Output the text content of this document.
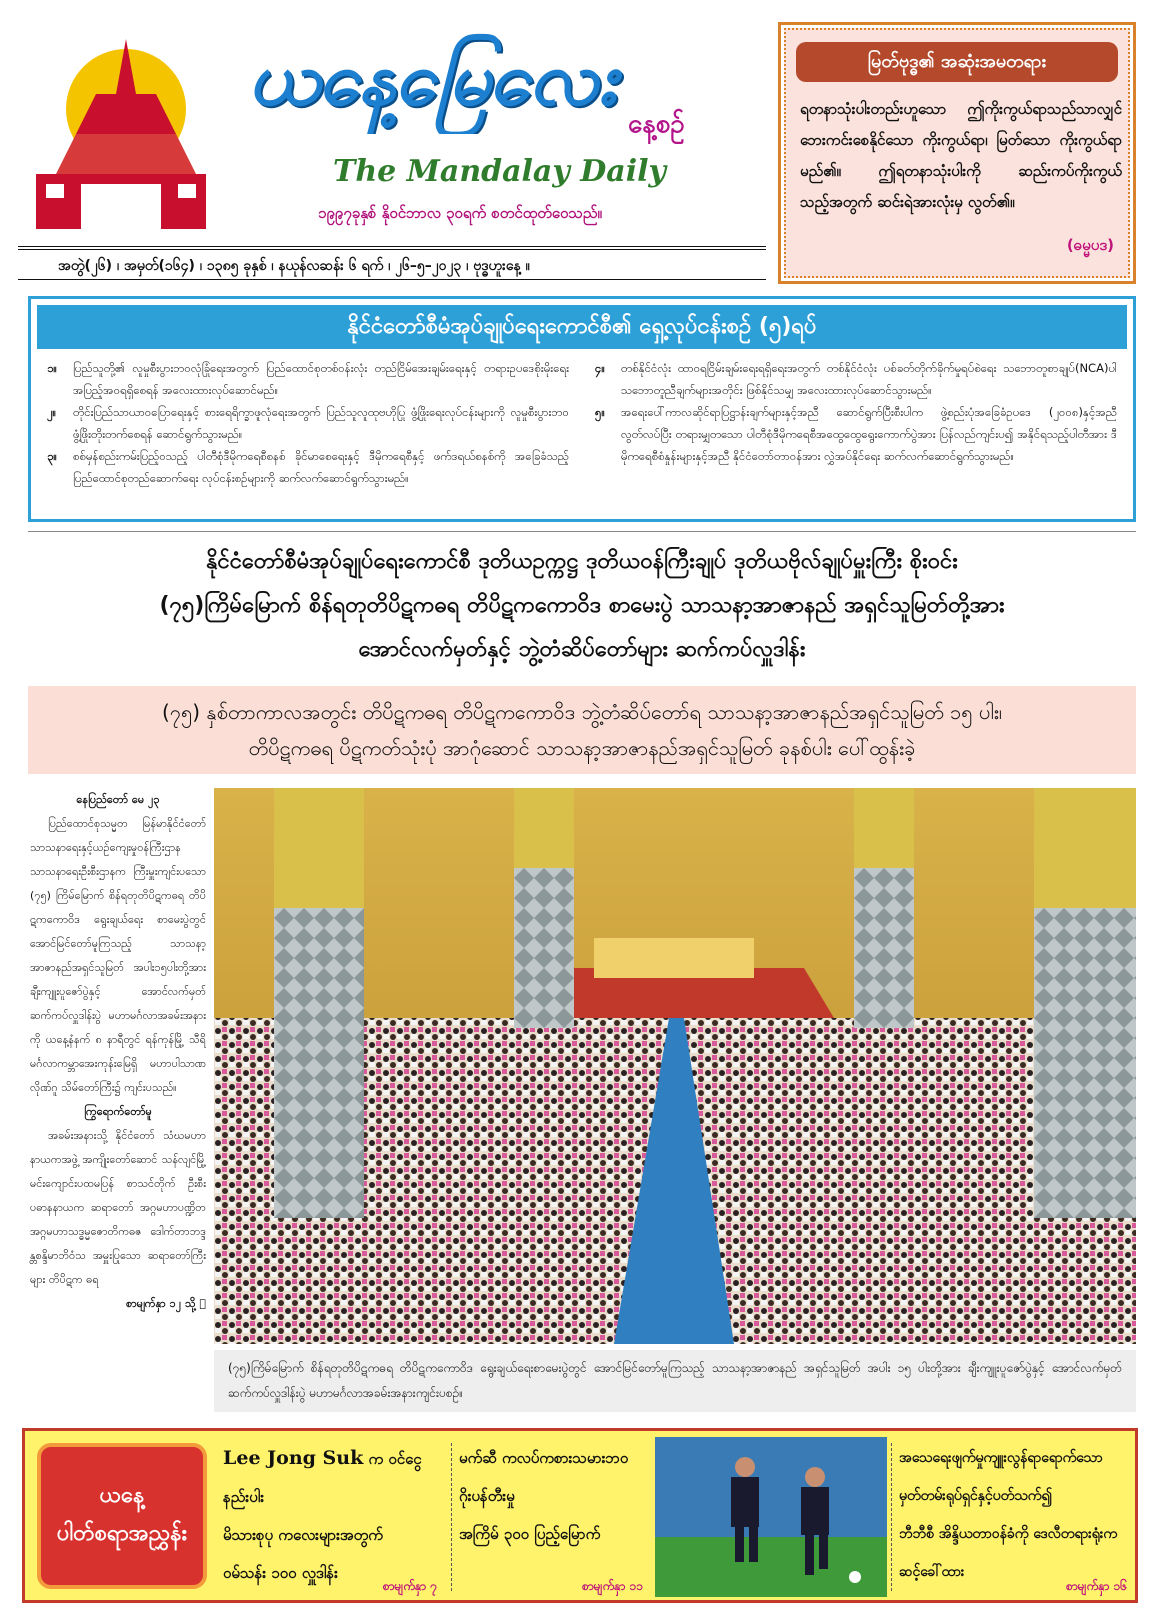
ယနေ့မြေလေး
နေ့စဉ်
The Mandalay Daily
၁၉၉၇ခုနှစ် နိုဝင်ဘာလ ၃၀ရက် စတင်ထုတ်ဝေသည်။
အတွဲ(၂၆) ၊ အမှတ်(၁၆၄) ၊ ၁၃၈၅ ခုနှစ် ၊ နယုန်လဆန်း ၆ ရက် ၊ ၂၆–၅–၂၀၂၃ ၊ ဗုဒ္ဓဟူးနေ့ ။
မြတ်ဗုဒ္ဓ၏ အဆုံးအမတရား
ရတနာသုံးပါးတည်းဟူသော ဤကိုးကွယ်ရာသည်သာလျှင် ဘေးကင်းစေနိုင်သော ကိုးကွယ်ရာ၊ မြတ်သော ကိုးကွယ်ရာမည်၏။ ဤရတနာသုံးပါးကို ဆည်းကပ်ကိုးကွယ်သည့်အတွက် ဆင်းရဲအားလုံးမှ လွတ်၏။
(ဓမ္မပဒ)
နိုင်ငံတော်စီမံအုပ်ချုပ်ရေးကောင်စီ၏ ရှေ့လုပ်ငန်းစဉ် (၅)ရပ်
၁။	ပြည်သူတို့၏ လူမှုစီးပွားဘဝလုံခြုံရေးအတွက် ပြည်ထောင်စုတစ်ဝန်းလုံး တည်ငြိမ်အေးချမ်းရေးနှင့် တရားဥပဒေစိုးမိုးရေး အပြည့်အဝရရှိစေရန် အလေးထားလုပ်ဆောင်မည်။
၂။	တိုင်းပြည်သာယာဝပြောရေးနှင့် စားရေရိက္ခာဖူလုံရေးအတွက် ပြည်သူလူထုဗဟိုပြု ဖွံ့ဖြိုးရေးလုပ်ငန်းများကို လူမှုစီးပွားဘဝဖွံ့ဖြိုးတိုးတက်စေရန် ဆောင်ရွက်သွားမည်။
၃။	စစ်မှန်စည်းကမ်းပြည့်ဝသည့် ပါတီစုံဒီမိုကရေစီစနစ် ခိုင်မာစေရေးနှင့် ဒီမိုကရေစီနှင့် ဖက်ဒရယ်စနစ်ကို အခြေခံသည့် ပြည်ထောင်စုတည်ဆောက်ရေး လုပ်ငန်းစဉ်များကို ဆက်လက်ဆောင်ရွက်သွားမည်။
၄။	တစ်နိုင်ငံလုံး ထာဝရငြိမ်းချမ်းရေးရရှိရေးအတွက် တစ်နိုင်ငံလုံး ပစ်ခတ်တိုက်ခိုက်မှုရပ်စဲရေး သဘောတူစာချုပ်(NCA)ပါ သဘောတူညီချက်များအတိုင်း ဖြစ်နိုင်သမျှ အလေးထားလုပ်ဆောင်သွားမည်။
၅။	အရေးပေါ်ကာလဆိုင်ရာပြဋ္ဌာန်းချက်များနှင့်အညီ ဆောင်ရွက်ပြီးစီးပါက ဖွဲ့စည်းပုံအခြေခံဥပဒေ (၂၀၀၈)နှင့်အညီ လွတ်လပ်ပြီး တရားမျှတသော ပါတီစုံဒီမိုကရေစီအထွေထွေရွေးကောက်ပွဲအား ပြန်လည်ကျင်းပ၍ အနိုင်ရသည့်ပါတီအား ဒီမိုကရေစီစံနှုန်းများနှင့်အညီ နိုင်ငံတော်တာဝန်အား လွှဲအပ်နိုင်ရေး ဆက်လက်ဆောင်ရွက်သွားမည်။
နိုင်ငံတော်စီမံအုပ်ချုပ်ရေးကောင်စီ ဒုတိယဥက္ကဋ္ဌ ဒုတိယဝန်ကြီးချုပ် ဒုတိယဗိုလ်ချုပ်မှူးကြီး စိုးဝင်း
(၇၅)ကြိမ်မြောက် စိန်ရတုတိပိဋကဓရ တိပိဋကကောဝိဒ စာမေးပွဲ သာသနာ့အာဇာနည် အရှင်သူမြတ်တို့အား
အောင်လက်မှတ်နှင့် ဘွဲ့တံဆိပ်တော်များ ဆက်ကပ်လှူဒါန်း
(၇၅) နှစ်တာကာလအတွင်း တိပိဋကဓရ တိပိဋကကောဝိဒ ဘွဲ့တံဆိပ်တော်ရ သာသနာ့အာဇာနည်အရှင်သူမြတ် ၁၅ ပါး၊
တိပိဋကဓရ ပိဋကတ်သုံးပုံ အာဂုံဆောင် သာသနာ့အာဇာနည်အရှင်သူမြတ် ခုနစ်ပါး ပေါ်ထွန်းခဲ့

နေပြည်တော် မေ ၂၃

ပြည်ထောင်စုသမ္မတ မြန်မာနိုင်ငံတော် သာသနာရေးနှင့်ယဉ်ကျေးမှုဝန်ကြီးဌာန သာသနာရေးဦးစီးဌာနက ကြီးမှူးကျင်းပသော (၇၅) ကြိမ်မြောက် စိန်ရတုတိပိဋကဓရ တိပိဋကကောဝိဒ ရွေးချယ်ရေး စာမေးပွဲတွင် အောင်မြင်တော်မူကြသည့် သာသနာ့အာဇာနည်အရှင်သူမြတ် အပါး၁၅ပါးတို့အား ချီးကျူးပူဇော်ပွဲနှင့် အောင်လက်မှတ် ဆက်ကပ်လှူဒါန်းပွဲ မဟာမင်္ဂလာအခမ်းအနားကို ယနေ့နံနက် ၈ နာရီတွင် ရန်ကုန်မြို့ သီရိမင်္ဂလာကမ္ဘာအေးကုန်းမြေရှိ မဟာပါသာဏလိုဏ်ဂူ သိမ်တော်ကြီး၌ ကျင်းပသည်။

ကြွရောက်တော်မူ

အခမ်းအနားသို့ နိုင်ငံတော် သံဃမဟာနာယကအဖွဲ့ အကျိုးတော်ဆောင် သန်လျင်မြို့ မင်းကျောင်းပထမပြန် စာသင်တိုက် ဦးစီးပဓာနနာယက ဆရာတော် အဂ္ဂမဟာပဏ္ဍိတ အဂ္ဂမဟာသဒ္ဓမ္မဇောတိကဓဇ ဒေါက်တာဘဒ္ဒန္တစန္ဒိမာဘိဝံသ အမှူးပြုသော ဆရာတော်ကြီးများ တိပိဋက ဓရ

စာမျက်နှာ ၁၂ သို့ ⃝

(၇၅)ကြိမ်မြောက် စိန်ရတုတိပိဋကဓရ တိပိဋကကောဝိဒ ရွေးချယ်ရေးစာမေးပွဲတွင် အောင်မြင်တော်မူကြသည့် သာသနာ့အာဇာနည် အရှင်သူမြတ် အပါး ၁၅ ပါးတို့အား ချီးကျူးပူဇော်ပွဲနှင့် အောင်လက်မှတ် ဆက်ကပ်လှူဒါန်းပွဲ မဟာမင်္ဂလာအခမ်းအနားကျင်းပစဉ်။
ယနေ့
ပါတ်စရာအညွှန်း
Lee Jong Suk က ဝင်ငွေနည်းပါး
မိသားစုပု ကလေးများအတွက်
ဝမ်သန်း ၁၀၀ လှူဒါန်း
စာမျက်နှာ ၇
မက်ဆီ ကလပ်ကစားသမားဘဝ
ဂိုးပန်တီးမှု
အကြိမ် ၃၀၀ ပြည့်မြောက်
စာမျက်နှာ ၁၁
အသေရေးဖျက်မှုကျူးလွန်ရာရောက်သော
မှတ်တမ်းရုပ်ရှင်နှင့်ပတ်သက်၍
ဘီဘီစီ အိန္ဒိယတာဝန်ခံကို ဒေလီတရားရုံးက
ဆင့်ခေါ်ထား
စာမျက်နှာ ၁၆
